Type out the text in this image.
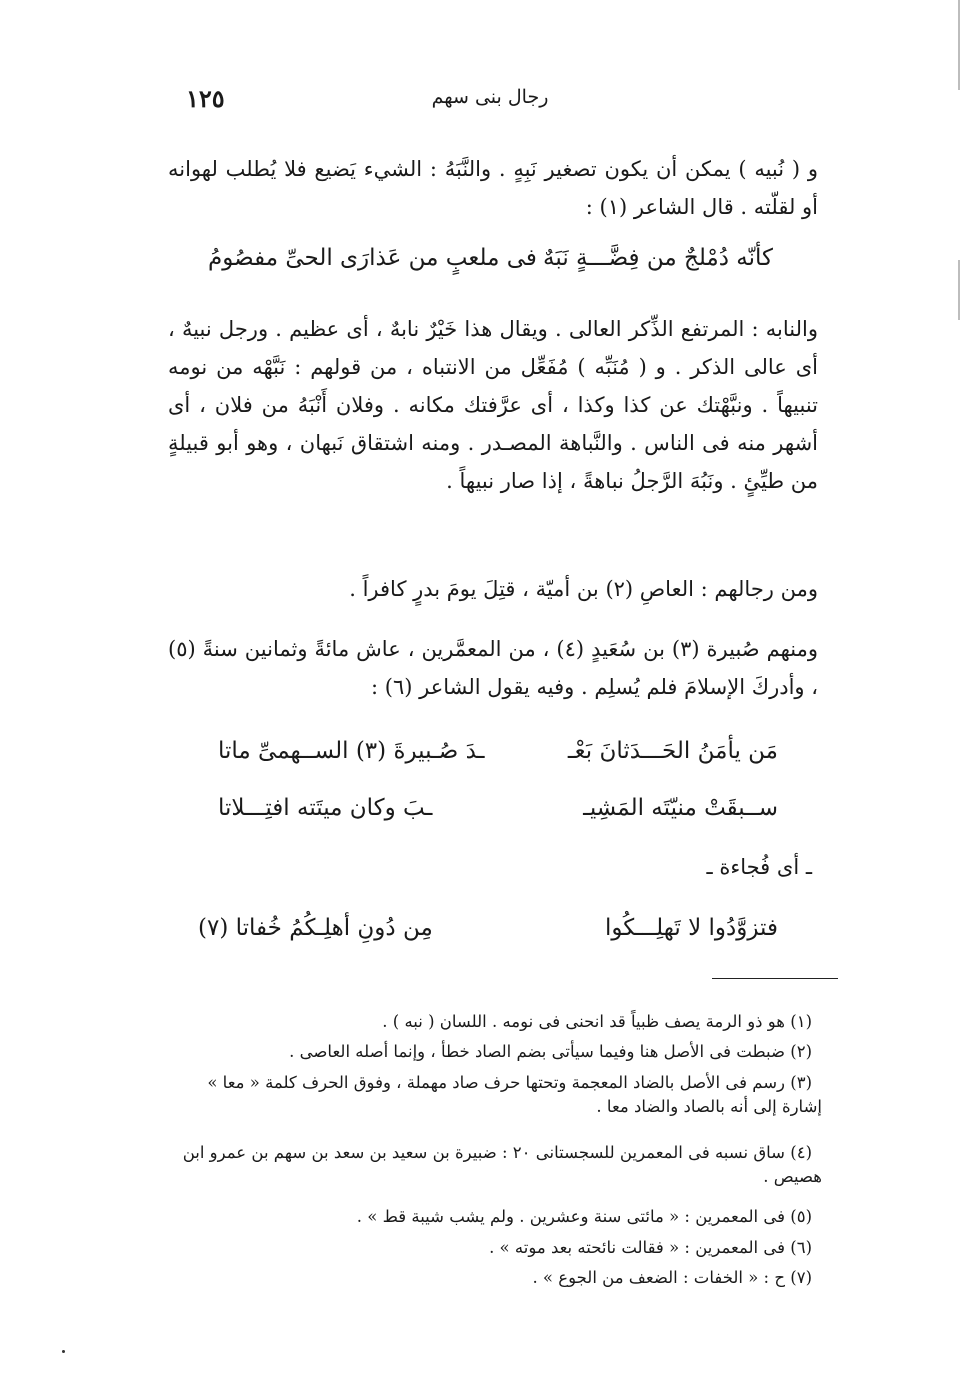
١٢٥	رجال بنى سهم
و ( نُبيه ) يمكن أن يكون تصغير نَبِهٍ . والنَّبَهُ : الشيء يَضيع فلا يُطلب لهوانه أو لقلّته . قال الشاعر (١) :
كأنّه دُمْلجٌ من فِضَّـــةٍ نَبَهٌ
فى ملعبٍ من عَذارَى الحىِّ مفصُومُ
والنابه : المرتفع الذِّكر العالى . ويقال هذا خَيْرٌ نابهٌ ، أى عظيم . ورجل نبيهٌ ، أى عالى الذكر . و ( مُنَبِّه ) مُفَعِّل من الانتباه ، من قولهم : نَبَّهْه من نومه تنبيهاً . ونبَّهْتك عن كذا وكذا ، أى عرَّفتك مكانه . وفلان أَنْبَهُ من فلان ، أى أشهر منه فى الناس . والنَّباهة المصـدر . ومنه اشتقاق نَبهان ، وهو أبو قبيلةٍ من طيِّئٍ . ونَبُهَ الرَّجلُ نباهةً ، إذا صار نبيهاً .
ومن رجالهم : العاصِ (٢) بن أميّة ، قتِلَ يومَ بدرٍ كافراً .
ومنهم صُبيرة (٣) بن سُعَيدٍ (٤) ، من المعمَّرين ، عاش مائةً وثمانين سنةً (٥) ، وأدركَ الإسلامَ فلم يُسلِم . وفيه يقول الشاعر (٦) :
مَن يأمَنُ الحَـــدَثانَ بَعْـ
ـدَ صُـبيرةَ (٣) الســهمىِّ ماتا
ســبقَتْ منيّتَه المَشِيـ
ـبَ وكان ميتَته افتِـــلاتا
ـ أى فُجاءة ـ
فتزوَّدُوا لا تَهلِـــكُوا
مِن دُونِ أهلِـكُمُ خُفاتا (٧)
(١) هو ذو الرمة يصف ظبياً قد انحنى فى نومه . اللسان ( نبه ) .
(٢) ضبطت فى الأصل هنا وفيما سيأتى بضم الصاد خطأ ، وإنما أصله العاصى .
(٣) رسم فى الأصل بالضاد المعجمة وتحتها حرف صاد مهملة ، وفوق الحرف كلمة « معا » إشارة إلى أنه بالصاد والضاد معا .
(٤) ساق نسبه فى المعمرين للسجستانى ٢٠ : ضبيرة بن سعيد بن سعد بن سهم بن عمرو ابن هصيص .
(٥) فى المعمرين : « مائتى سنة وعشرين . ولم يشب شيبة قط » .
(٦) فى المعمرين : « فقالت نائحته بعد موته » .
(٧) ح : « الخفات : الضعف من الجوع » .
